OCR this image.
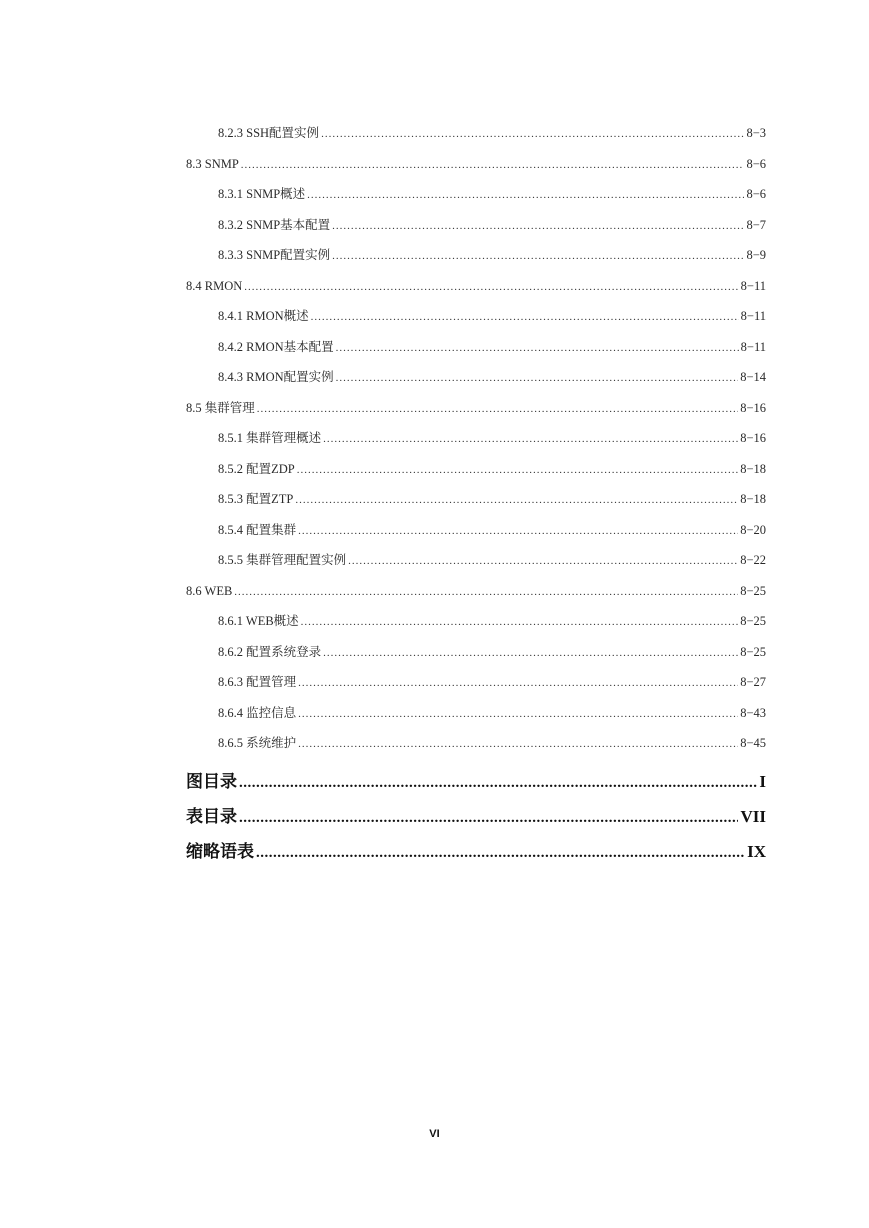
8.2.3 SSH配置实例 .....	8−3
8.3 SNMP .....	8−6
8.3.1 SNMP概述 .....	8−6
8.3.2 SNMP基本配置 .....	8−7
8.3.3 SNMP配置实例 .....	8−9
8.4 RMON .....	8−11
8.4.1 RMON概述 .....	8−11
8.4.2 RMON基本配置 .....	8−11
8.4.3 RMON配置实例 .....	8−14
8.5 集群管理 .....	8−16
8.5.1 集群管理概述 .....	8−16
8.5.2 配置ZDP .....	8−18
8.5.3 配置ZTP .....	8−18
8.5.4 配置集群 .....	8−20
8.5.5 集群管理配置实例 .....	8−22
8.6 WEB .....	8−25
8.6.1 WEB概述 .....	8−25
8.6.2 配置系统登录 .....	8−25
8.6.3 配置管理 .....	8−27
8.6.4 监控信息 .....	8−43
8.6.5 系统维护 .....	8−45
图目录 .....	I
表目录 .....	VII
缩略语表 .....	IX
VI
